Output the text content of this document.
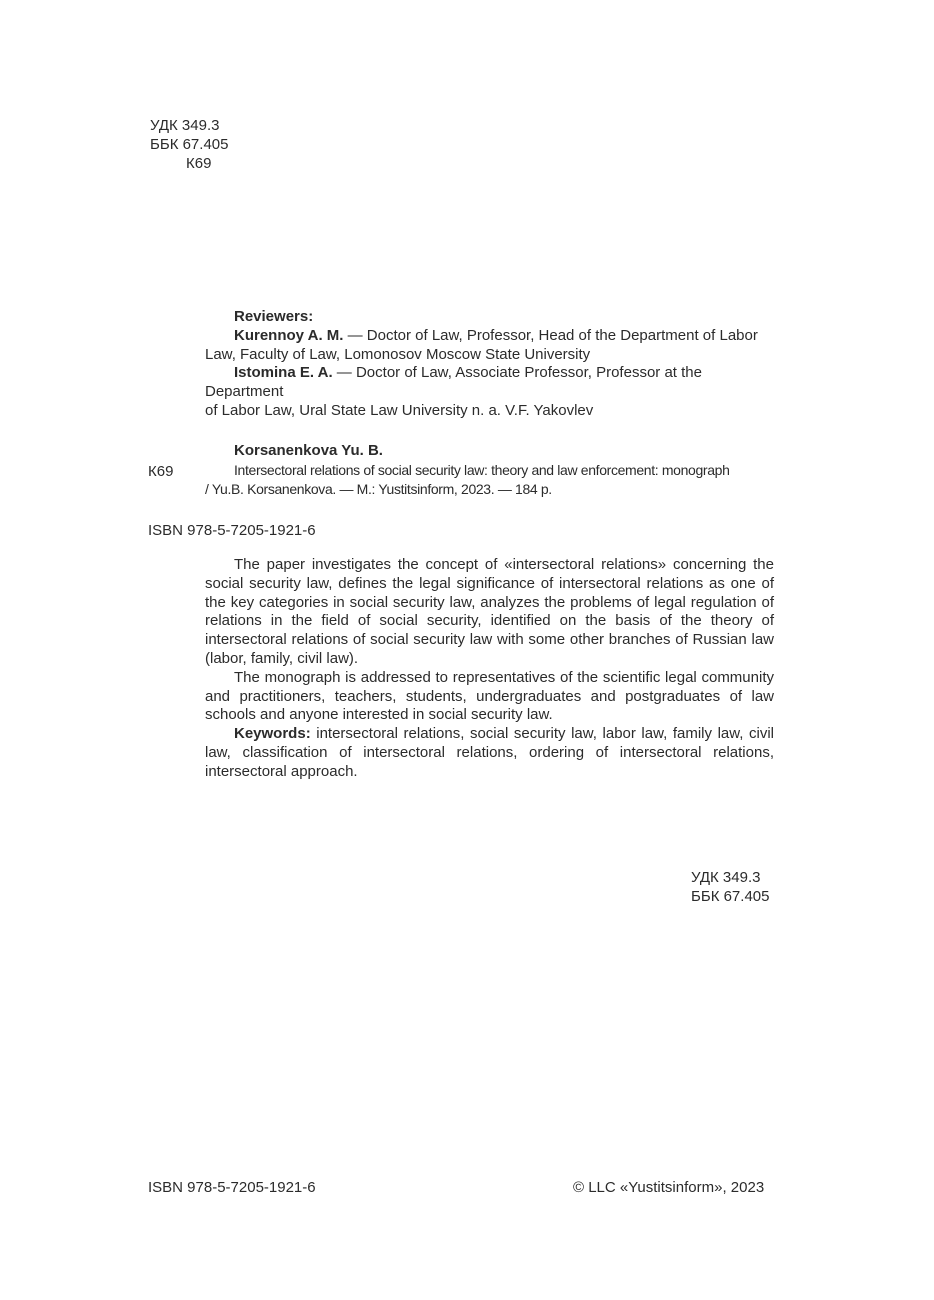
УДК 349.3
ББК 67.405
К69
Reviewers:

Kurennoy A. M. — Doctor of Law, Professor, Head of the Department of Labor

Law, Faculty of Law, Lomonosov Moscow State University

Istomina E. A. — Doctor of Law, Associate Professor, Professor at the Department

of Labor Law, Ural State Law University n. a. V.F. Yakovlev
К69
Korsanenkova Yu. B.
Intersectoral relations of social security law: theory and law enforcement: monograph
/ Yu.B. Korsanenkova. — M.: Yustitsinform, 2023. — 184 p.
ISBN 978-5-7205-1921-6

The paper investigates the concept of «intersectoral relations» concerning the social security law, defines the legal significance of intersectoral relations as one of the key categories in social security law, analyzes the problems of legal regulation of relations in the field of social security, identified on the basis of the theory of intersectoral relations of social security law with some other branches of Russian law (labor, family, civil law).

The monograph is addressed to representatives of the scientific legal community and practitioners, teachers, students, undergraduates and postgraduates of law schools and anyone interested in social security law.

Keywords: intersectoral relations, social security law, labor law, family law, civil law, classification of intersectoral relations, ordering of intersectoral relations, intersectoral approach.

УДК 349.3
ББК 67.405
ISBN 978-5-7205-1921-6	© LLC «Yustitsinform», 2023
